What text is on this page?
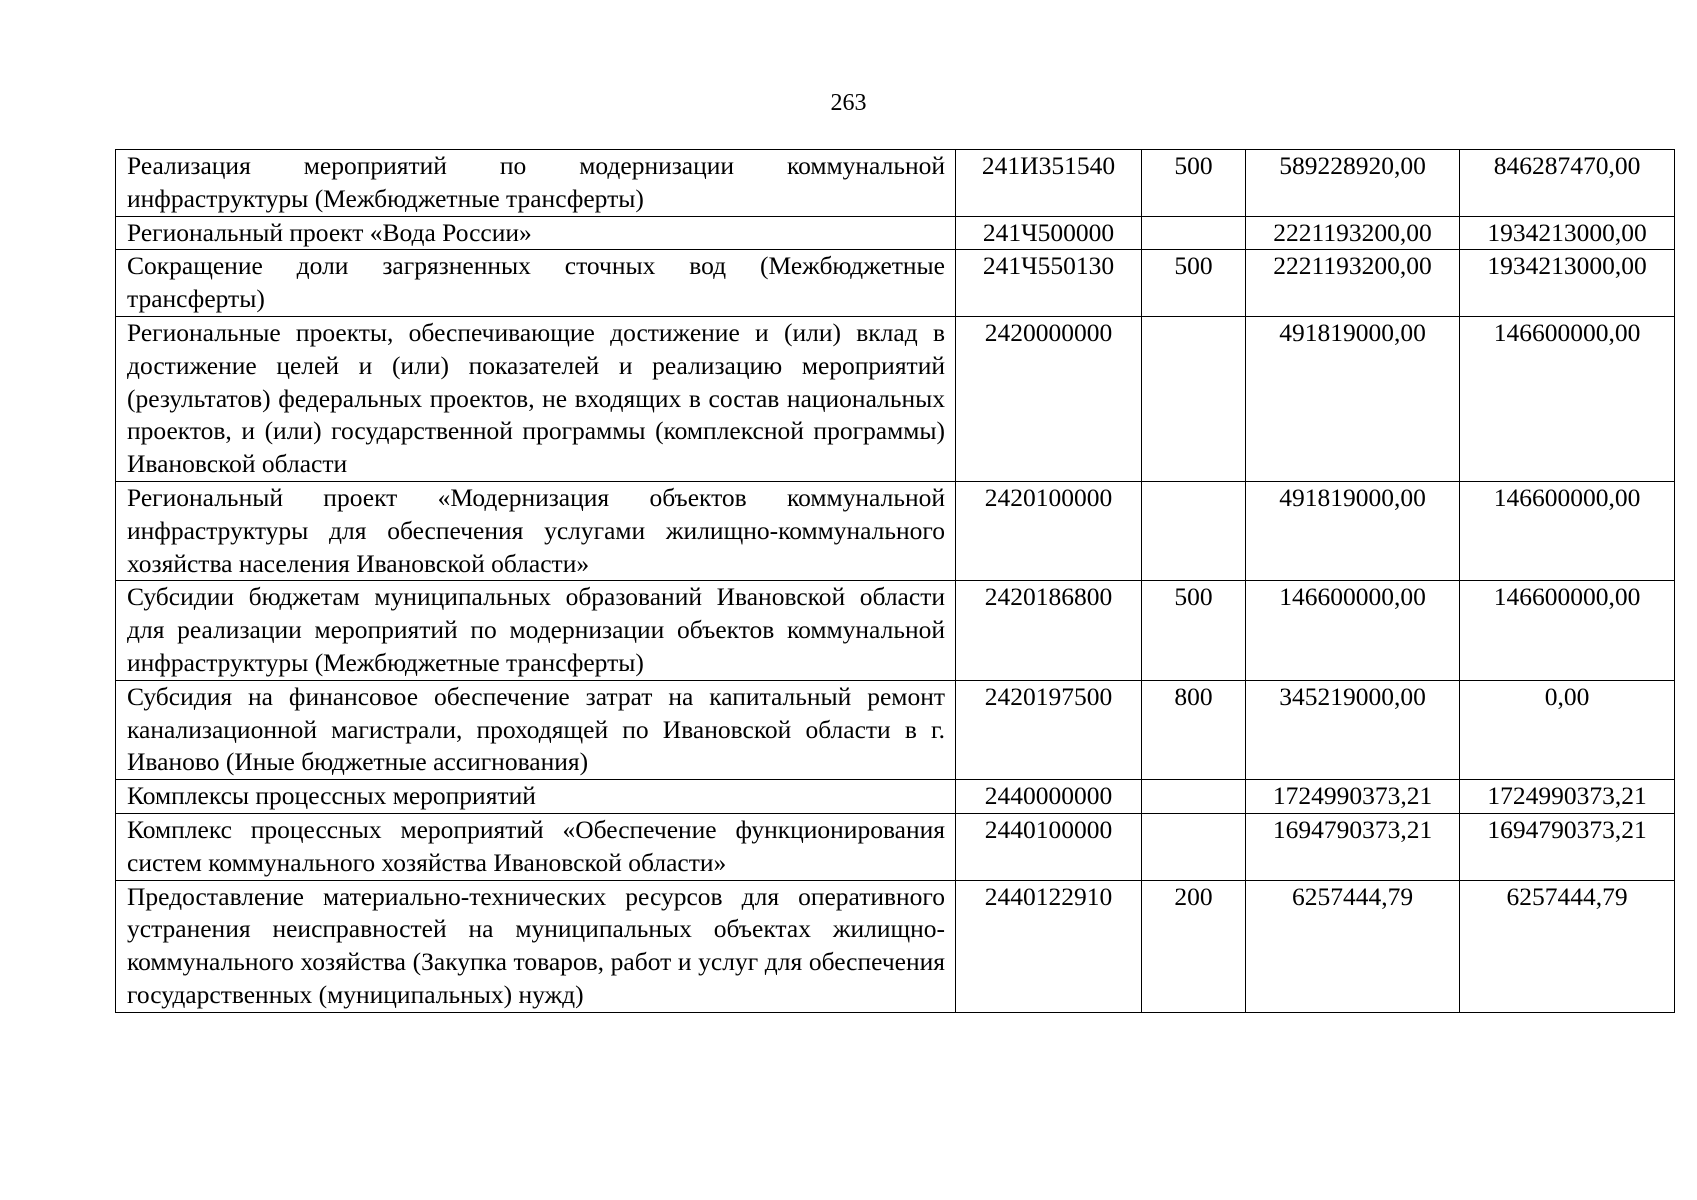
263
Реализация мероприятий по модернизации коммунальной инфраструктуры (Межбюджетные трансферты)	241И351540	500	589228920,00	846287470,00
Региональный проект «Вода России»	241Ч500000		2221193200,00	1934213000,00
Сокращение доли загрязненных сточных вод (Межбюджетные трансферты)	241Ч550130	500	2221193200,00	1934213000,00
Региональные проекты, обеспечивающие достижение и (или) вклад в достижение целей и (или) показателей и реализацию мероприятий (результатов) федеральных проектов, не входящих в состав национальных проектов, и (или) государственной программы (комплексной программы) Ивановской области	2420000000		491819000,00	146600000,00
Региональный проект «Модернизация объектов коммунальной инфраструктуры для обеспечения услугами жилищно-коммунального хозяйства населения Ивановской области»	2420100000		491819000,00	146600000,00
Субсидии бюджетам муниципальных образований Ивановской области для реализации мероприятий по модернизации объектов коммунальной инфраструктуры (Межбюджетные трансферты)	2420186800	500	146600000,00	146600000,00
Субсидия на финансовое обеспечение затрат на капитальный ремонт канализационной магистрали, проходящей по Ивановской области в г. Иваново (Иные бюджетные ассигнования)	2420197500	800	345219000,00	0,00
Комплексы процессных мероприятий	2440000000		1724990373,21	1724990373,21
Комплекс процессных мероприятий «Обеспечение функционирования систем коммунального хозяйства Ивановской области»	2440100000		1694790373,21	1694790373,21
Предоставление материально-технических ресурсов для оперативного устранения неисправностей на муниципальных объектах жилищно-коммунального хозяйства (Закупка товаров, работ и услуг для обеспечения государственных (муниципальных) нужд)	2440122910	200	6257444,79	6257444,79
